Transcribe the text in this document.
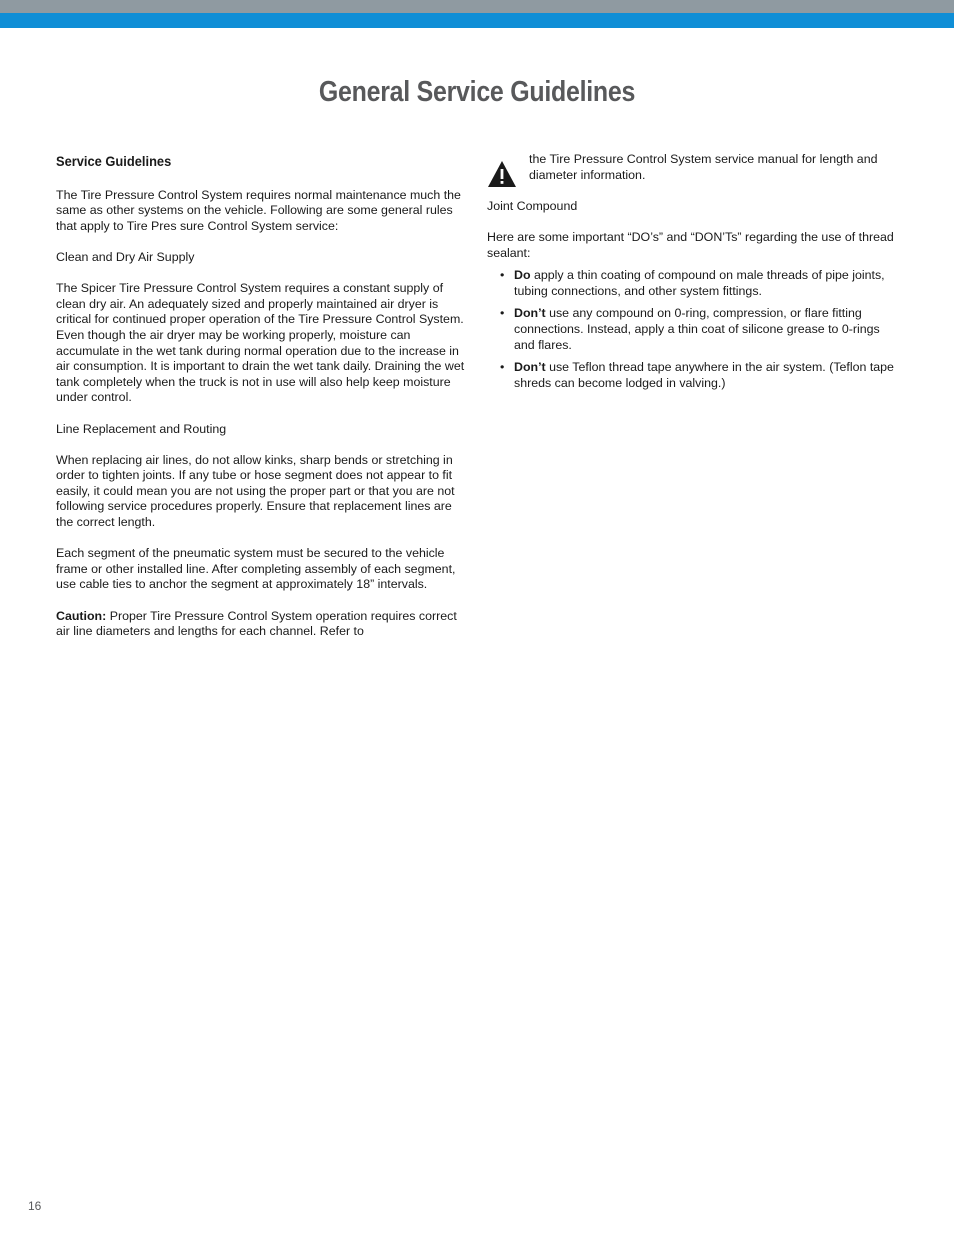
General Service Guidelines
Service Guidelines

The Tire Pressure Control System requires normal maintenance much the same as other systems on the vehicle. Following are some general rules that apply to Tire Pres sure Control System service:

Clean and Dry Air Supply

The Spicer Tire Pressure Control System requires a constant supply of clean dry air. An adequately sized and properly maintained air dryer is critical for continued proper operation of the Tire Pressure Control System. Even though the air dryer may be working properly, moisture can accumulate in the wet tank during normal operation due to the increase in air consumption. It is important to drain the wet tank daily. Draining the wet tank completely when the truck is not in use will also help keep moisture under control.

Line Replacement and Routing

When replacing air lines, do not allow kinks, sharp bends or stretching in order to tighten joints. If any tube or hose segment does not appear to fit easily, it could mean you are not using the proper part or that you are not following service procedures properly. Ensure that replacement lines are the correct length.

Each segment of the pneumatic system must be secured to the vehicle frame or other installed line. After completing assembly of each segment, use cable ties to anchor the segment at approximately 18” intervals.

Caution: Proper Tire Pressure Control System operation requires correct air line diameters and lengths for each channel. Refer to

the Tire Pressure Control System service manual for length and diameter information.

Joint Compound

Here are some important “DO’s” and “DON’Ts” regarding the use of thread sealant:

• Do apply a thin coating of compound on male threads of pipe joints, tubing connections, and other system fittings.
• Don’t use any compound on 0-ring, compression, or flare fitting connections. Instead, apply a thin coat of silicone grease to 0-rings and flares.
• Don’t use Teflon thread tape anywhere in the air system. (Teflon tape shreds can become lodged in valving.)
16
